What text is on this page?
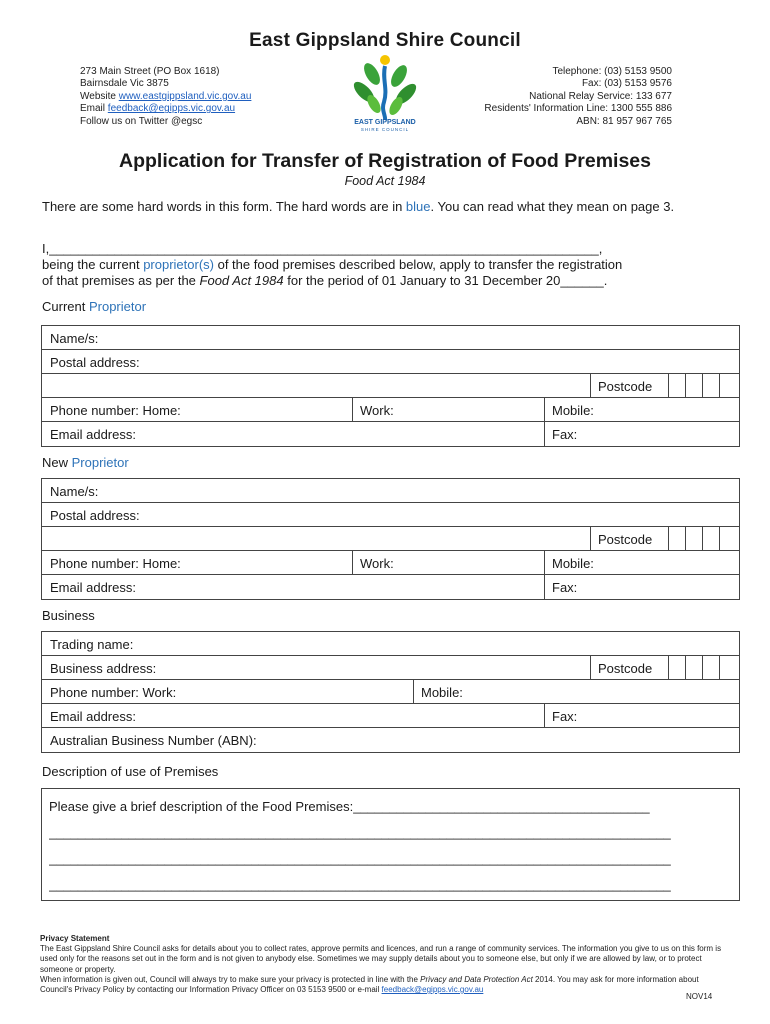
East Gippsland Shire Council
273 Main Street (PO Box 1618)
Bairnsdale Vic 3875
Website www.eastgippsland.vic.gov.au
Email feedback@egipps.vic.gov.au
Follow us on Twitter @egsc	EAST GIPPSLAND
SHIRE COUNCIL
Telephone: (03) 5153 9500
Fax: (03) 5153 9576
National Relay Service: 133 677
Residents' Information Line: 1300 555 886
ABN: 81 957 967 765
Application for Transfer of Registration of Food Premises
Food Act 1984
There are some hard words in this form. The hard words are in blue. You can read what they mean on page 3.
I,____________________________________________________________________________,
being the current proprietor(s) of the food premises described below, apply to transfer the registration
of that premises as per the Food Act 1984 for the period of 01 January to 31 December 20______.
Current Proprietor
Name/s:
Postal address:
Postcode
Phone number: Home:	Work:	Mobile:
Email address:	Fax:
New Proprietor
Name/s:
Postal address:
Postcode
Phone number: Home:	Work:	Mobile:
Email address:	Fax:
Business
Trading name:
Business address:	Postcode
Phone number: Work:	Mobile:
Email address:	Fax:
Australian Business Number (ABN):
Description of use of Premises
Please give a brief description of the Food Premises:_________________________________________
______________________________________________________________________________________
______________________________________________________________________________________
______________________________________________________________________________________
Privacy Statement
The East Gippsland Shire Council asks for details about you to collect rates, approve permits and licences, and run a range of community services. The information you give to us on this form is used only for the reasons set out in the form and is not given to anybody else. Sometimes we may supply details about you to someone else, but only if we are allowed by law, or to protect someone or property.
When information is given out, Council will always try to make sure your privacy is protected in line with the Privacy and Data Protection Act 2014. You may ask for more information about Council's Privacy Policy by contacting our Information Privacy Officer on 03 5153 9500 or e-mail feedback@egipps.vic.gov.au
NOV14
